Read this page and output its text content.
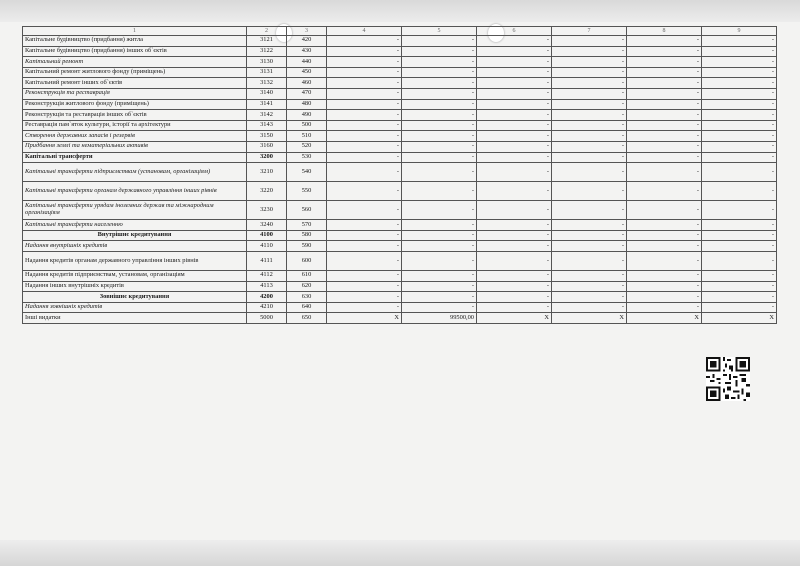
1	2	3	4	5	6	7	8	9
Капітальне будівництво (придбання) житла	3121	420	-	-	-	-	-	-
Капітальне будівництво (придбання) інших об`єктів	3122	430	-	-	-	-	-	-
Капітальний ремонт	3130	440	-	-	-	-	-	-
Капітальний ремонт житлового фонду (приміщень)	3131	450	-	-	-	-	-	-
Капітальний ремонт інших об`єктів	3132	460	-	-	-	-	-	-
Реконструкція та реставрація	3140	470	-	-	-	-	-	-
Реконструкція житлового фонду (приміщень)	3141	480	-	-	-	-	-	-
Реконструкція та реставрація інших об`єктів	3142	490	-	-	-	-	-	-
Реставрація пам`яток культури, історії та архітектури	3143	500	-	-	-	-	-	-
Створення державних запасів і резервів	3150	510	-	-	-	-	-	-
Придбання землі та нематеріальних активів	3160	520	-	-	-	-	-	-
Капітальні трансферти	3200	530	-	-	-	-	-	-
Капітальні трансферти підприємствам (установам, організаціям)	3210	540	-	-	-	-	-	-
Капітальні трансферти органам державного управління інших рівнів	3220	550	-	-	-	-	-	-
Капітальні трансферти урядам іноземних держав та міжнародним організаціям	3230	560	-	-	-	-	-	-
Капітальні трансферти населенню	3240	570	-	-	-	-	-	-
Внутрішнє кредитування	4100	580	-	-	-	-	-	-
Надання внутрішніх кредитів	4110	590	-	-	-	-	-	-
Надання кредитів органам державного управління інших рівнів	4111	600	-	-	-	-	-	-
Надання кредитів підприємствам, установам, організаціям	4112	610	-	-	-	-	-	-
Надання інших внутрішніх кредитів	4113	620	-	-	-	-	-	-
Зовнішнє кредитування	4200	630	-	-	-	-	-	-
Надання зовнішніх кредитів	4210	640	-	-	-	-	-	-
Інші видатки	5000	650	X	99500,00	X	X	X	X
